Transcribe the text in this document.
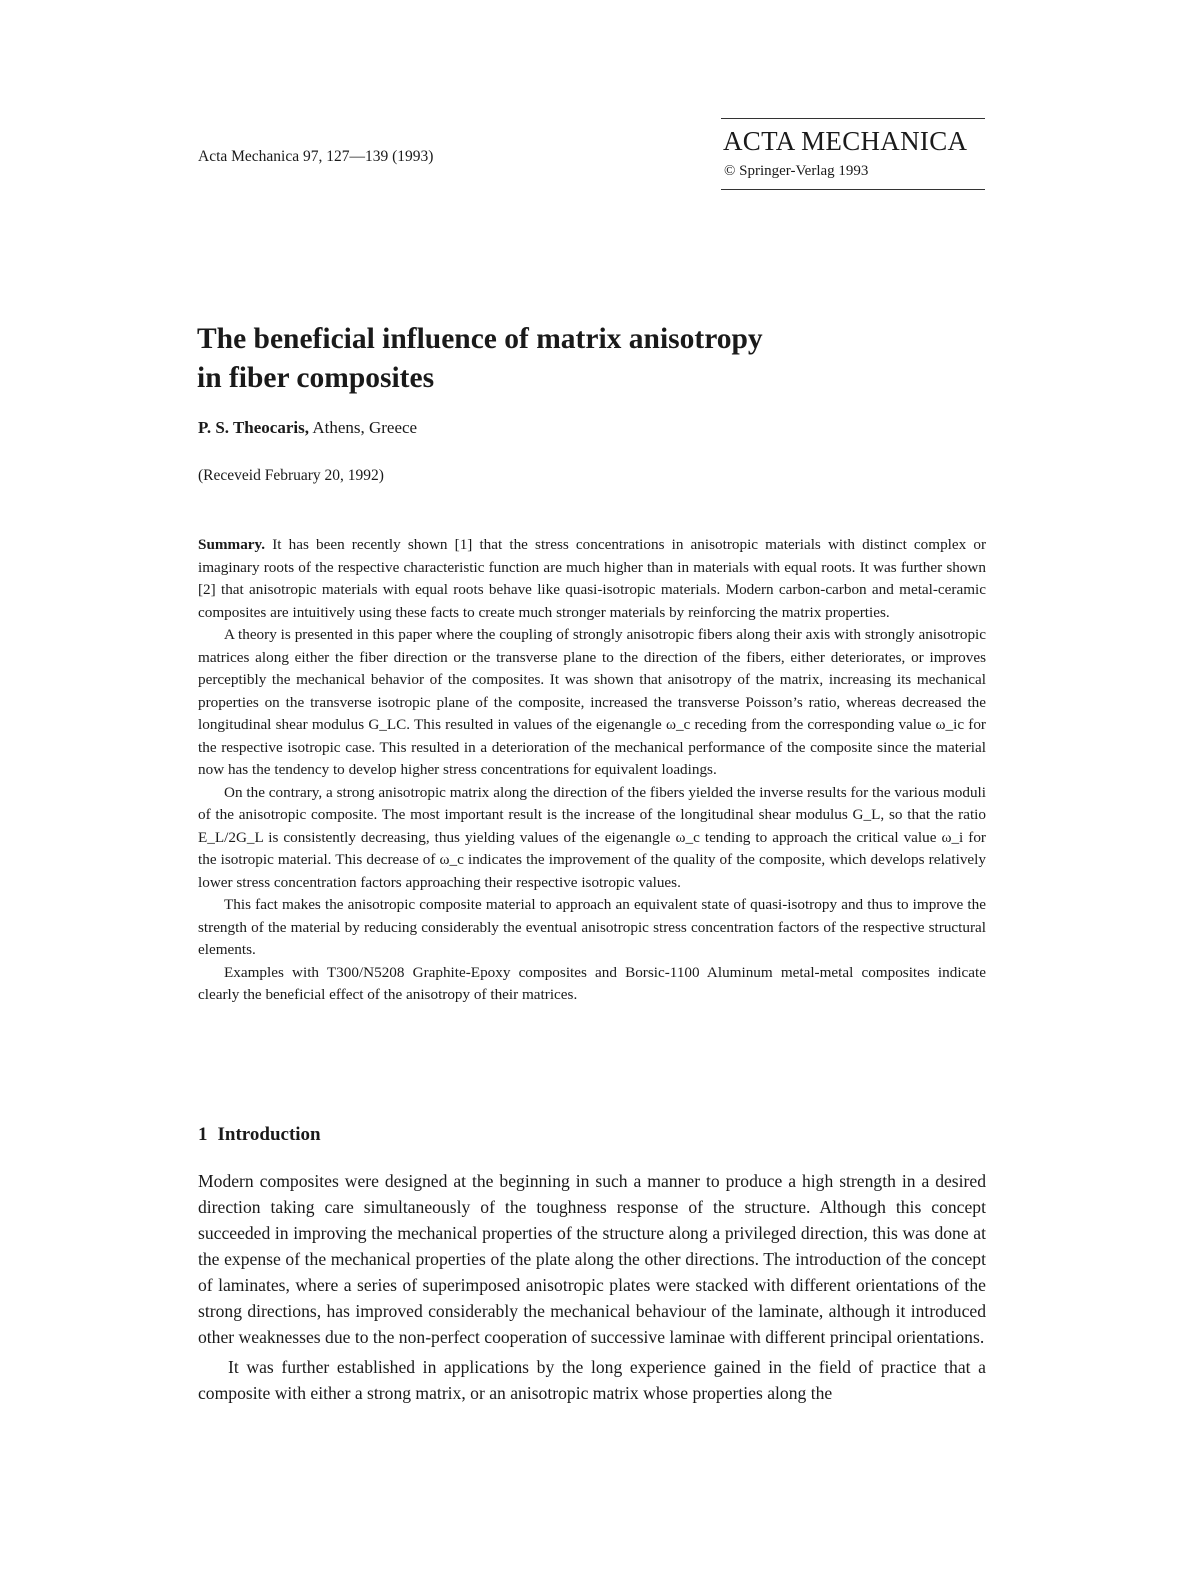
Acta Mechanica 97, 127—139 (1993)
ACTA MECHANICA
© Springer-Verlag 1993
The beneficial influence of matrix anisotropy
in fiber composites
P. S. Theocaris, Athens, Greece
(Receveid February 20, 1992)

Summary. It has been recently shown [1] that the stress concentrations in anisotropic materials with distinct complex or imaginary roots of the respective characteristic function are much higher than in materials with equal roots. It was further shown [2] that anisotropic materials with equal roots behave like quasi-isotropic materials. Modern carbon-carbon and metal-ceramic composites are intuitively using these facts to create much stronger materials by reinforcing the matrix properties.

A theory is presented in this paper where the coupling of strongly anisotropic fibers along their axis with strongly anisotropic matrices along either the fiber direction or the transverse plane to the direction of the fibers, either deteriorates, or improves perceptibly the mechanical behavior of the composites. It was shown that anisotropy of the matrix, increasing its mechanical properties on the transverse isotropic plane of the composite, increased the transverse Poisson’s ratio, whereas decreased the longitudinal shear modulus G_LC. This resulted in values of the eigenangle ω_c receding from the corresponding value ω_ic for the respective isotropic case. This resulted in a deterioration of the mechanical performance of the composite since the material now has the tendency to develop higher stress concentrations for equivalent loadings.

On the contrary, a strong anisotropic matrix along the direction of the fibers yielded the inverse results for the various moduli of the anisotropic composite. The most important result is the increase of the longitudinal shear modulus G_L, so that the ratio E_L/2G_L is consistently decreasing, thus yielding values of the eigenangle ω_c tending to approach the critical value ω_i for the isotropic material. This decrease of ω_c indicates the improvement of the quality of the composite, which develops relatively lower stress concentration factors approaching their respective isotropic values.

This fact makes the anisotropic composite material to approach an equivalent state of quasi-isotropy and thus to improve the strength of the material by reducing considerably the eventual anisotropic stress concentration factors of the respective structural elements.

Examples with T300/N5208 Graphite-Epoxy composites and Borsic-1100 Aluminum metal-metal composites indicate clearly the beneficial effect of the anisotropy of their matrices.

1 Introduction

Modern composites were designed at the beginning in such a manner to produce a high strength in a desired direction taking care simultaneously of the toughness response of the structure. Although this concept succeeded in improving the mechanical properties of the structure along a privileged direction, this was done at the expense of the mechanical properties of the plate along the other directions. The introduction of the concept of laminates, where a series of superimposed anisotropic plates were stacked with different orientations of the strong directions, has improved considerably the mechanical behaviour of the laminate, although it introduced other weaknesses due to the non-perfect cooperation of successive laminae with different principal orientations.

It was further established in applications by the long experience gained in the field of practice that a composite with either a strong matrix, or an anisotropic matrix whose properties along the
